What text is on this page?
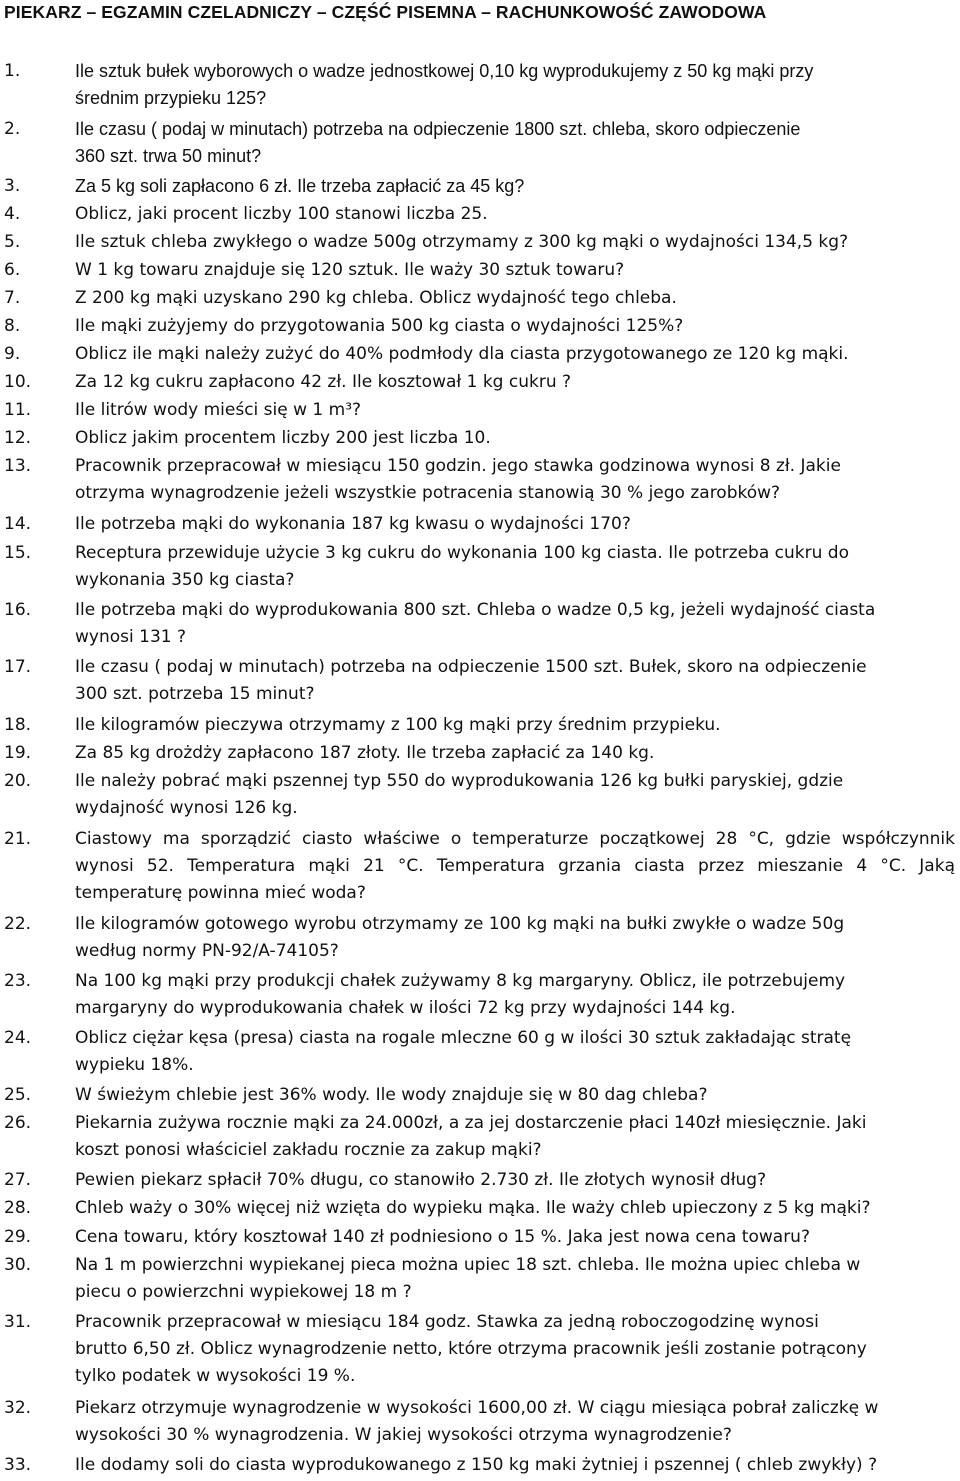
PIEKARZ – EGZAMIN CZELADNICZY – CZĘŚĆ PISEMNA – RACHUNKOWOŚĆ ZAWODOWA
1.	Ile sztuk bułek wyborowych o wadze jednostkowej 0,10 kg wyprodukujemy z 50 kg mąki przy
średnim przypieku 125?
2.	Ile czasu ( podaj w minutach) potrzeba na odpieczenie 1800 szt. chleba, skoro odpieczenie
360 szt. trwa 50 minut?
3.	Za 5 kg soli zapłacono 6 zł. Ile trzeba zapłacić za 45 kg?
4.	Oblicz, jaki procent liczby 100 stanowi liczba 25.
5.	Ile sztuk chleba zwykłego o wadze 500g otrzymamy z 300 kg mąki o wydajności 134,5 kg?
6.	W 1 kg towaru znajduje się 120 sztuk. Ile waży 30 sztuk towaru?
7.	Z 200 kg mąki uzyskano 290 kg chleba. Oblicz wydajność tego chleba.
8.	Ile mąki zużyjemy do przygotowania 500 kg ciasta o wydajności 125%?
9.	Oblicz ile mąki należy zużyć do 40% podmłody dla ciasta przygotowanego ze 120 kg mąki.
10.	Za 12 kg cukru zapłacono 42 zł. Ile kosztował 1 kg cukru ?
11.	Ile litrów wody mieści się w 1 m³?
12.	Oblicz jakim procentem liczby 200 jest liczba 10.
13.	Pracownik przepracował w miesiącu 150 godzin. jego stawka godzinowa wynosi 8 zł. Jakie
otrzyma wynagrodzenie jeżeli wszystkie potracenia stanowią 30 % jego zarobków?
14.	Ile potrzeba mąki do wykonania 187 kg kwasu o wydajności 170?
15.	Receptura przewiduje użycie 3 kg cukru do wykonania 100 kg ciasta. Ile potrzeba cukru do
wykonania 350 kg ciasta?
16.	Ile potrzeba mąki do wyprodukowania 800 szt. Chleba o wadze 0,5 kg, jeżeli wydajność ciasta
wynosi 131 ?
17.	Ile czasu ( podaj w minutach) potrzeba na odpieczenie 1500 szt. Bułek, skoro na odpieczenie
300 szt. potrzeba 15 minut?
18.	Ile kilogramów pieczywa otrzymamy z 100 kg mąki przy średnim przypieku.
19.	Za 85 kg drożdży zapłacono 187 złoty. Ile trzeba zapłacić za 140 kg.
20.	Ile należy pobrać mąki pszennej typ 550 do wyprodukowania 126 kg bułki paryskiej, gdzie
wydajność wynosi 126 kg.
21.	Ciastowy ma sporządzić ciasto właściwe o temperaturze początkowej 28 °C, gdzie współczynnik wynosi 52. Temperatura mąki 21 °C. Temperatura grzania ciasta przez mieszanie 4 °C. Jaką temperaturę powinna mieć woda?
22.	Ile kilogramów gotowego wyrobu otrzymamy ze 100 kg mąki na bułki zwykłe o wadze 50g
według normy PN-92/A-74105?
23.	Na 100 kg mąki przy produkcji chałek zużywamy 8 kg margaryny. Oblicz, ile potrzebujemy
margaryny do wyprodukowania chałek w ilości 72 kg przy wydajności 144 kg.
24.	Oblicz ciężar kęsa (presa) ciasta na rogale mleczne 60 g w ilości 30 sztuk zakładając stratę
wypieku 18%.
25.	W świeżym chlebie jest 36% wody. Ile wody znajduje się w 80 dag chleba?
26.	Piekarnia zużywa rocznie mąki za 24.000zł, a za jej dostarczenie płaci 140zł miesięcznie. Jaki
koszt ponosi właściciel zakładu rocznie za zakup mąki?
27.	Pewien piekarz spłacił 70% długu, co stanowiło 2.730 zł. Ile złotych wynosił dług?
28.	Chleb waży o 30% więcej niż wzięta do wypieku mąka. Ile waży chleb upieczony z 5 kg mąki?
29.	Cena towaru, który kosztował 140 zł podniesiono o 15 %. Jaka jest nowa cena towaru?
30.	Na 1 m powierzchni wypiekanej pieca można upiec 18 szt. chleba. Ile można upiec chleba w
piecu o powierzchni wypiekowej 18 m ?
31.	Pracownik przepracował w miesiącu 184 godz. Stawka za jedną roboczogodzinę wynosi
brutto 6,50 zł. Oblicz wynagrodzenie netto, które otrzyma pracownik jeśli zostanie potrącony
tylko podatek w wysokości 19 %.
32.	Piekarz otrzymuje wynagrodzenie w wysokości 1600,00 zł. W ciągu miesiąca pobrał zaliczkę w
wysokości 30 % wynagrodzenia. W jakiej wysokości otrzyma wynagrodzenie?
33.	Ile dodamy soli do ciasta wyprodukowanego z 150 kg maki żytniej i pszennej ( chleb zwykły) ?
